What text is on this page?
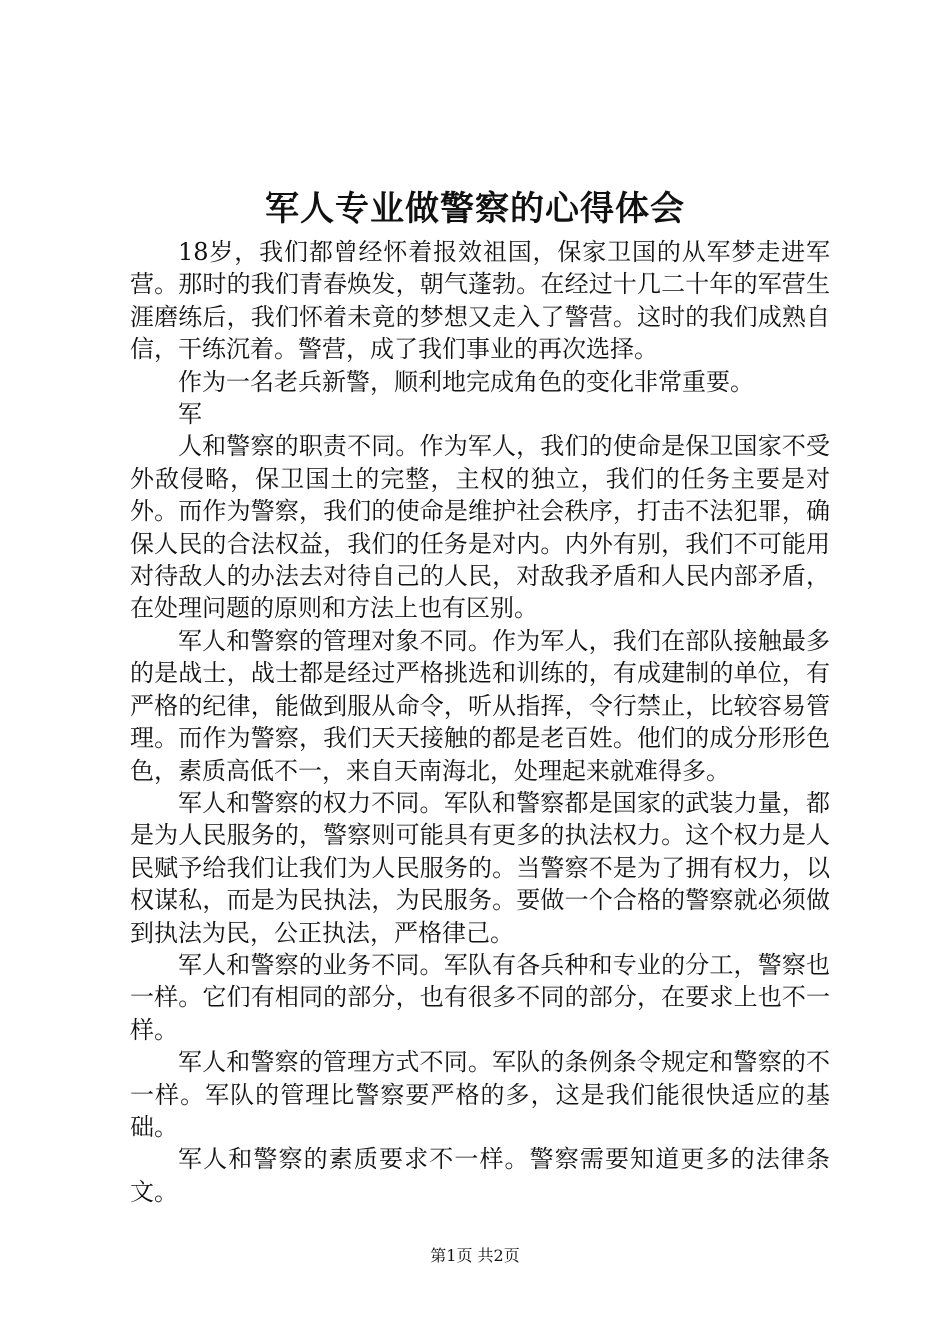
军人专业做警察的心得体会

18岁，我们都曾经怀着报效祖国，保家卫国的从军梦走进军营。那时的我们青春焕发，朝气蓬勃。在经过十几二十年的军营生涯磨练后，我们怀着未竟的梦想又走入了警营。这时的我们成熟自信，干练沉着。警营，成了我们事业的再次选择。

作为一名老兵新警，顺利地完成角色的变化非常重要。

军

人和警察的职责不同。作为军人，我们的使命是保卫国家不受外敌侵略，保卫国土的完整，主权的独立，我们的任务主要是对外。而作为警察，我们的使命是维护社会秩序，打击不法犯罪，确保人民的合法权益，我们的任务是对内。内外有别，我们不可能用对待敌人的办法去对待自己的人民，对敌我矛盾和人民内部矛盾，在处理问题的原则和方法上也有区别。

军人和警察的管理对象不同。作为军人，我们在部队接触最多的是战士，战士都是经过严格挑选和训练的，有成建制的单位，有严格的纪律，能做到服从命令，听从指挥，令行禁止，比较容易管理。而作为警察，我们天天接触的都是老百姓。他们的成分形形色色，素质高低不一，来自天南海北，处理起来就难得多。

军人和警察的权力不同。军队和警察都是国家的武装力量，都是为人民服务的，警察则可能具有更多的执法权力。这个权力是人民赋予给我们让我们为人民服务的。当警察不是为了拥有权力，以权谋私，而是为民执法，为民服务。要做一个合格的警察就必须做到执法为民，公正执法，严格律己。

军人和警察的业务不同。军队有各兵种和专业的分工，警察也一样。它们有相同的部分，也有很多不同的部分，在要求上也不一样。

军人和警察的管理方式不同。军队的条例条令规定和警察的不一样。军队的管理比警察要严格的多，这是我们能很快适应的基础。

军人和警察的素质要求不一样。警察需要知道更多的法律条文。

第1页 共2页
